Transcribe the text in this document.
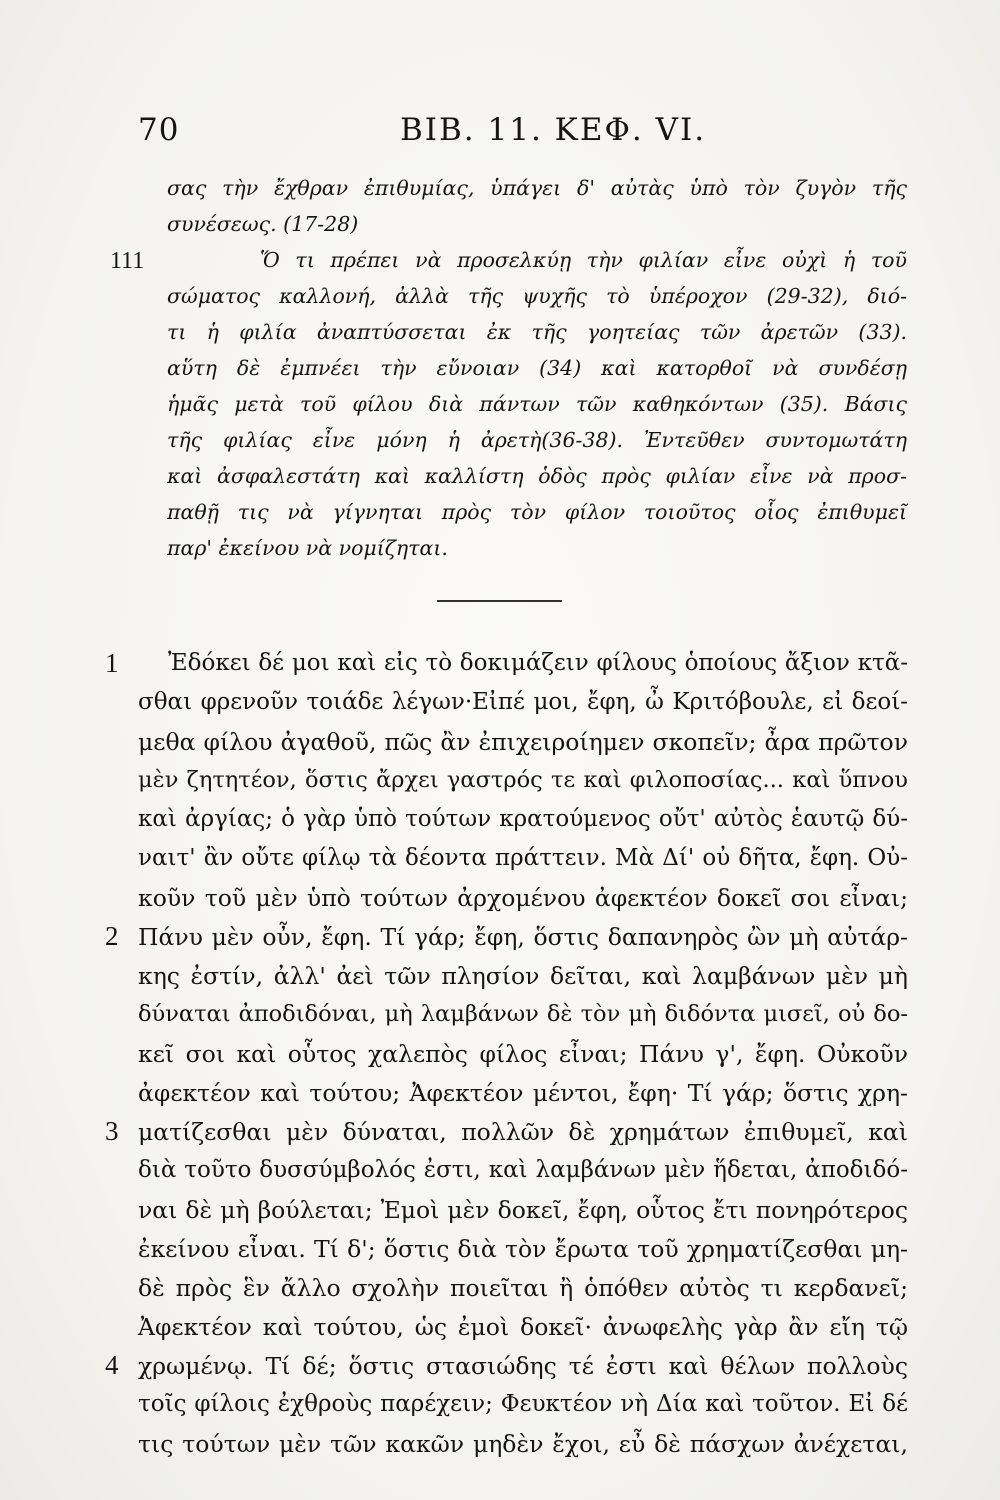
70	ΒΙΒ. 11. ΚΕΦ. VI.
σας τὴν ἔχθραν ἐπιθυμίας, ὑπάγει δ' αὐτὰς ὑπὸ τὸν ζυγὸν τῆς
συνέσεως. (17-28)
111	Ὅ τι πρέπει νὰ προσελκύῃ τὴν φιλίαν εἶνε οὐχὶ ἡ τοῦ
σώματος καλλονή, ἀλλὰ τῆς ψυχῆς τὸ ὑπέροχον (29-32), διό-
τι ἡ φιλία ἀναπτύσσεται ἐκ τῆς γοητείας τῶν ἀρετῶν (33).
αὕτη δὲ ἐμπνέει τὴν εὔνοιαν (34) καὶ κατορθοῖ νὰ συνδέσῃ
ἡμᾶς μετὰ τοῦ φίλου διὰ πάντων τῶν καθηκόντων (35). Βάσις
τῆς φιλίας εἶνε μόνη ἡ ἀρετὴ(36-38). Ἐντεῦθεν συντομωτάτη
καὶ ἀσφαλεστάτη καὶ καλλίστη ὁδὸς πρὸς φιλίαν εἶνε νὰ προσ-
παθῇ τις νὰ γίγνηται πρὸς τὸν φίλον τοιοῦτος οἷος ἐπιθυμεῖ
παρ' ἐκείνου νὰ νομίζηται.
1 Ἐδόκει δέ μοι καὶ εἰς τὸ δοκιμάζειν φίλους ὁποίους ἄξιον κτᾶ-
σθαι φρενοῦν τοιάδε λέγων·Εἰπέ μοι, ἔφη, ὦ Κριτόβουλε, εἰ δεοί-
μεθα φίλου ἀγαθοῦ, πῶς ἂν ἐπιχειροίημεν σκοπεῖν; ἆρα πρῶτον
μὲν ζητητέον, ὅστις ἄρχει γαστρός τε καὶ φιλοποσίας... καὶ ὕπνου
καὶ ἀργίας; ὁ γὰρ ὑπὸ τούτων κρατούμενος οὔτ' αὐτὸς ἑαυτῷ δύ-
ναιτ' ἂν οὔτε φίλῳ τὰ δέοντα πράττειν. Μὰ Δί' οὐ δῆτα, ἔφη. Οὐ-
κοῦν τοῦ μὲν ὑπὸ τούτων ἀρχομένου ἀφεκτέον δοκεῖ σοι εἶναι;
2 Πάνυ μὲν οὖν, ἔφη. Τί γάρ; ἔφη, ὅστις δαπανηρὸς ὢν μὴ αὐτάρ-
κης ἐστίν, ἀλλ' ἀεὶ τῶν πλησίον δεῖται, καὶ λαμβάνων μὲν μὴ
δύναται ἀποδιδόναι, μὴ λαμβάνων δὲ τὸν μὴ διδόντα μισεῖ, οὐ δο-
κεῖ σοι καὶ οὗτος χαλεπὸς φίλος εἶναι; Πάνυ γ', ἔφη. Οὐκοῦν
ἀφεκτέον καὶ τούτου; Ἀφεκτέον μέντοι, ἔφη· Τί γάρ; ὅστις χρη-
3 ματίζεσθαι μὲν δύναται, πολλῶν δὲ χρημάτων ἐπιθυμεῖ, καὶ
διὰ τοῦτο δυσσύμβολός ἐστι, καὶ λαμβάνων μὲν ἥδεται, ἀποδιδό-
ναι δὲ μὴ βούλεται; Ἐμοὶ μὲν δοκεῖ, ἔφη, οὗτος ἔτι πονηρότερος
ἐκείνου εἶναι. Τί δ'; ὅστις διὰ τὸν ἔρωτα τοῦ χρηματίζεσθαι μη-
δὲ πρὸς ἓν ἄλλο σχολὴν ποιεῖται ἢ ὁπόθεν αὐτὸς τι κερδανεῖ;
Ἀφεκτέον καὶ τούτου, ὡς ἐμοὶ δοκεῖ· ἀνωφελὴς γὰρ ἂν εἴη τῷ
4 χρωμένῳ. Τί δέ; ὅστις στασιώδης τέ ἐστι καὶ θέλων πολλοὺς
τοῖς φίλοις ἐχθροὺς παρέχειν; Φευκτέον νὴ Δία καὶ τοῦτον. Εἰ δέ
τις τούτων μὲν τῶν κακῶν μηδὲν ἔχοι, εὖ δὲ πάσχων ἀνέχεται,
